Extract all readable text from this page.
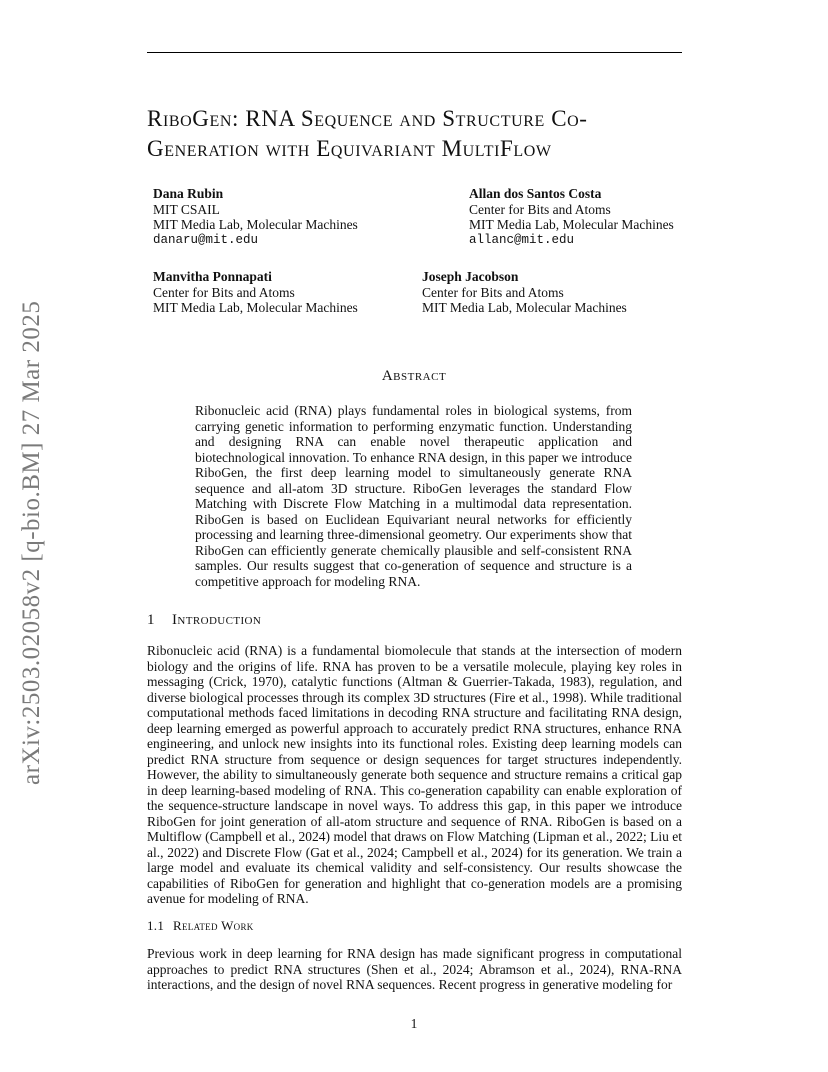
arXiv:2503.02058v2 [q-bio.BM] 27 Mar 2025
RiboGen: RNA Sequence and Structure Co-
Generation with Equivariant MultiFlow
Dana Rubin
MIT CSAIL
MIT Media Lab, Molecular Machines
danaru@mit.edu
Allan dos Santos Costa
Center for Bits and Atoms
MIT Media Lab, Molecular Machines
allanc@mit.edu
Manvitha Ponnapati
Center for Bits and Atoms
MIT Media Lab, Molecular Machines
Joseph Jacobson
Center for Bits and Atoms
MIT Media Lab, Molecular Machines
Abstract
Ribonucleic acid (RNA) plays fundamental roles in biological systems, from carrying genetic information to performing enzymatic function. Understanding and designing RNA can enable novel therapeutic application and biotechnological innovation. To enhance RNA design, in this paper we introduce RiboGen, the first deep learning model to simultaneously generate RNA sequence and all-atom 3D structure. RiboGen leverages the standard Flow Matching with Discrete Flow Matching in a multimodal data representation. RiboGen is based on Euclidean Equivariant neural networks for efficiently processing and learning three-dimensional geometry. Our experiments show that RiboGen can efficiently generate chemically plausible and self-consistent RNA samples. Our results suggest that co-generation of sequence and structure is a competitive approach for modeling RNA.
1 Introduction
Ribonucleic acid (RNA) is a fundamental biomolecule that stands at the intersection of modern biology and the origins of life. RNA has proven to be a versatile molecule, playing key roles in messaging (Crick, 1970), catalytic functions (Altman & Guerrier-Takada, 1983), regulation, and diverse biological processes through its complex 3D structures (Fire et al., 1998). While traditional computational methods faced limitations in decoding RNA structure and facilitating RNA design, deep learning emerged as powerful approach to accurately predict RNA structures, enhance RNA engineering, and unlock new insights into its functional roles. Existing deep learning models can predict RNA structure from sequence or design sequences for target structures independently. However, the ability to simultaneously generate both sequence and structure remains a critical gap in deep learning-based modeling of RNA. This co-generation capability can enable exploration of the sequence-structure landscape in novel ways. To address this gap, in this paper we introduce RiboGen for joint generation of all-atom structure and sequence of RNA. RiboGen is based on a Multiflow (Campbell et al., 2024) model that draws on Flow Matching (Lipman et al., 2022; Liu et al., 2022) and Discrete Flow (Gat et al., 2024; Campbell et al., 2024) for its generation. We train a large model and evaluate its chemical validity and self-consistency. Our results showcase the capabilities of RiboGen for generation and highlight that co-generation models are a promising avenue for modeling of RNA.
1.1 Related Work
Previous work in deep learning for RNA design has made significant progress in computational approaches to predict RNA structures (Shen et al., 2024; Abramson et al., 2024), RNA-RNA interactions, and the design of novel RNA sequences. Recent progress in generative modeling for
1
